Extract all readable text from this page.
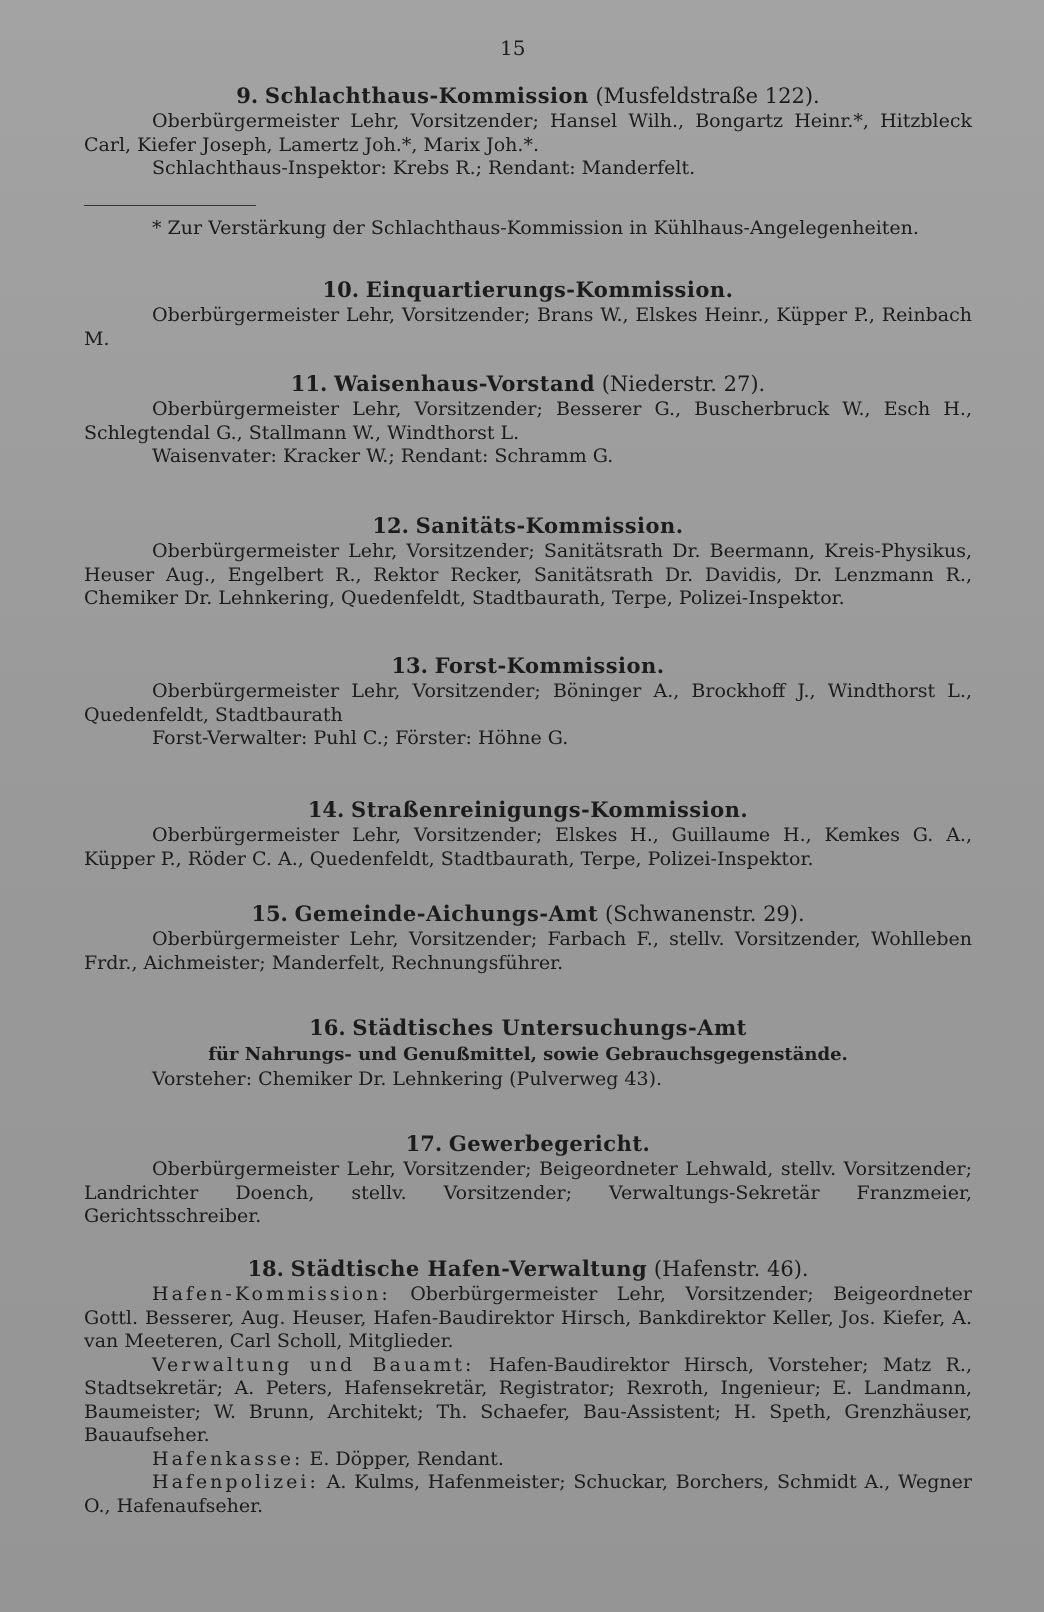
15
9. Schlachthaus-Kommission (Musfeldstraße 122).

Oberbürgermeister Lehr, Vorsitzender; Hansel Wilh., Bongartz Heinr.*, Hitzbleck Carl, Kiefer Joseph, Lamertz Joh.*, Marix Joh.*.

Schlachthaus-Inspektor: Krebs R.; Rendant: Manderfelt.

* Zur Verstärkung der Schlachthaus-Kommission in Kühlhaus-Angelegenheiten.

10. Einquartierungs-Kommission.

Oberbürgermeister Lehr, Vorsitzender; Brans W., Elskes Heinr., Küpper P., Reinbach M.

11. Waisenhaus-Vorstand (Niederstr. 27).

Oberbürgermeister Lehr, Vorsitzender; Besserer G., Buscherbruck W., Esch H., Schlegtendal G., Stallmann W., Windthorst L.

Waisenvater: Kracker W.; Rendant: Schramm G.

12. Sanitäts-Kommission.

Oberbürgermeister Lehr, Vorsitzender; Sanitätsrath Dr. Beermann, Kreis-Physikus, Heuser Aug., Engelbert R., Rektor Recker, Sanitätsrath Dr. Davidis, Dr. Lenzmann R., Chemiker Dr. Lehnkering, Quedenfeldt, Stadtbaurath, Terpe, Polizei-Inspektor.

13. Forst-Kommission.

Oberbürgermeister Lehr, Vorsitzender; Böninger A., Brockhoff J., Windthorst L., Quedenfeldt, Stadtbaurath

Forst-Verwalter: Puhl C.; Förster: Höhne G.

14. Straßenreinigungs-Kommission.

Oberbürgermeister Lehr, Vorsitzender; Elskes H., Guillaume H., Kemkes G. A., Küpper P., Röder C. A., Quedenfeldt, Stadtbaurath, Terpe, Polizei-Inspektor.

15. Gemeinde-Aichungs-Amt (Schwanenstr. 29).

Oberbürgermeister Lehr, Vorsitzender; Farbach F., stellv. Vorsitzender, Wohlleben Frdr., Aichmeister; Manderfelt, Rechnungsführer.

16. Städtisches Untersuchungs-Amt
für Nahrungs- und Genußmittel, sowie Gebrauchsgegenstände.

Vorsteher: Chemiker Dr. Lehnkering (Pulverweg 43).

17. Gewerbegericht.

Oberbürgermeister Lehr, Vorsitzender; Beigeordneter Lehwald, stellv. Vorsitzender; Landrichter Doench, stellv. Vorsitzender; Verwaltungs-Sekretär Franzmeier, Gerichtsschreiber.

18. Städtische Hafen-Verwaltung (Hafenstr. 46).

Hafen-Kommission: Oberbürgermeister Lehr, Vorsitzender; Beigeordneter Gottl. Besserer, Aug. Heuser, Hafen-Baudirektor Hirsch, Bankdirektor Keller, Jos. Kiefer, A. van Meeteren, Carl Scholl, Mitglieder.

Verwaltung und Bauamt: Hafen-Baudirektor Hirsch, Vorsteher; Matz R., Stadtsekretär; A. Peters, Hafensekretär, Registrator; Rexroth, Ingenieur; E. Landmann, Baumeister; W. Brunn, Architekt; Th. Schaefer, Bau-Assistent; H. Speth, Grenzhäuser, Bauaufseher.

Hafenkasse: E. Döpper, Rendant.

Hafenpolizei: A. Kulms, Hafenmeister; Schuckar, Borchers, Schmidt A., Wegner O., Hafenaufseher.
